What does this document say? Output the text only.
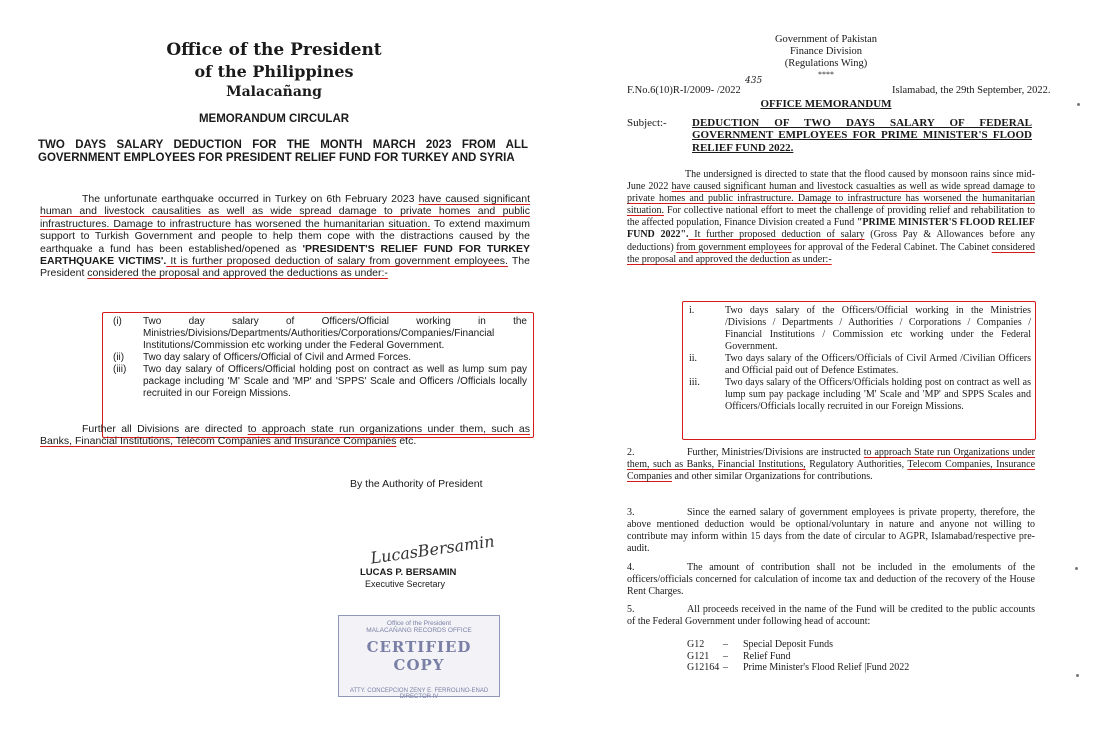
Office of the President
of the Philippines
Malacañang
MEMORANDUM CIRCULAR
TWO DAYS SALARY DEDUCTION FOR THE MONTH MARCH 2023 FROM ALL GOVERNMENT EMPLOYEES FOR PRESIDENT RELIEF FUND FOR TURKEY AND SYRIA
The unfortunate earthquake occurred in Turkey on 6th February 2023 have caused significant human and livestock causalities as well as wide spread damage to private homes and public infrastructures. Damage to infrastructure has worsened the humanitarian situation. To extend maximum support to Turkish Government and people to help them cope with the distractions caused by the earthquake a fund has been established/opened as 'PRESIDENT'S RELIEF FUND FOR TURKEY EARTHQUAKE VICTIMS'. It is further proposed deduction of salary from government employees. The President considered the proposal and approved the deductions as under:-
(i)	Two day salary of Officers/Official working in the Ministries/Divisions/Departments/Authorities/Corporations/Companies/Financial Institutions/Commission etc working under the Federal Government.
(ii)	Two day salary of Officers/Official of Civil and Armed Forces.
(iii)	Two day salary of Officers/Official holding post on contract as well as lump sum pay package including 'M' Scale and 'MP' and 'SPPS' Scale and Officers /Officials locally recruited in our Foreign Missions.
Further all Divisions are directed to approach state run organizations under them, such as Banks, Financial Institutions, Telecom Companies and Insurance Companies etc.
By the Authority of President
LucasBersamin
LUCAS P. BERSAMIN
Executive Secretary
Office of the President
MALACAÑANG RECORDS OFFICE
CERTIFIED COPY
ATTY. CONCEPCION ZENY E. FERROLINO-ENAD
DIRECTOR IV
Government of Pakistan
Finance Division
(Regulations Wing)
****
435
F.No.6(10)R-I/2009- /2022	Islamabad, the 29th September, 2022.
OFFICE MEMORANDUM
Subject:- DEDUCTION OF TWO DAYS SALARY OF FEDERAL GOVERNMENT EMPLOYEES FOR PRIME MINISTER'S FLOOD RELIEF FUND 2022.
The undersigned is directed to state that the flood caused by monsoon rains since mid-June 2022 have caused significant human and livestock casualties as well as wide spread damage to private homes and public infrastructure. Damage to infrastructure has worsened the humanitarian situation. For collective national effort to meet the challenge of providing relief and rehabilitation to the affected population, Finance Division created a Fund "PRIME MINISTER'S FLOOD RELIEF FUND 2022". It further proposed deduction of salary (Gross Pay & Allowances before any deductions) from government employees for approval of the Federal Cabinet. The Cabinet considered the proposal and approved the deduction as under:-
i.	Two days salary of the Officers/Official working in the Ministries /Divisions / Departments / Authorities / Corporations / Companies / Financial Institutions / Commission etc working under the Federal Government.
ii.	Two days salary of the Officers/Officials of Civil Armed /Civilian Officers and Official paid out of Defence Estimates.
iii.	Two days salary of the Officers/Officials holding post on contract as well as lump sum pay package including 'M' Scale and 'MP' and SPPS Scales and Officers/Officials locally recruited in our Foreign Missions.
2.	Further, Ministries/Divisions are instructed to approach State run Organizations under them, such as Banks, Financial Institutions, Regulatory Authorities, Telecom Companies, Insurance Companies and other similar Organizations for contributions.
3.	Since the earned salary of government employees is private property, therefore, the above mentioned deduction would be optional/voluntary in nature and anyone not willing to contribute may inform within 15 days from the date of circular to AGPR, Islamabad/respective pre-audit.
4.	The amount of contribution shall not be included in the emoluments of the officers/officials concerned for calculation of income tax and deduction of the recovery of the House Rent Charges.
5.	All proceeds received in the name of the Fund will be credited to the public accounts of the Federal Government under following head of account:
G12	–	Special Deposit Funds
G121	–	Relief Fund
G12164 –	Prime Minister's Flood Relief |Fund 2022
